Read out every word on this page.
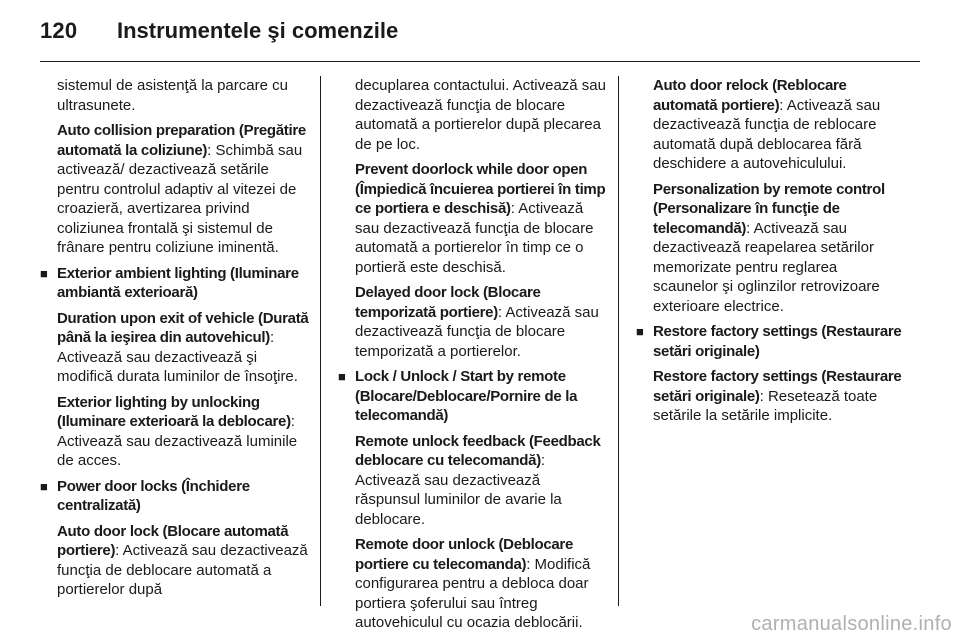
120 Instrumentele şi comenzile

sistemul de asistenţă la parcare cu ultrasunete.

Auto collision preparation (Pregătire automată la coliziune): Schimbă sau activează/ dezactivează setările pentru controlul adaptiv al vitezei de croazieră, avertizarea privind coliziunea frontală şi sistemul de frânare pentru coliziune iminentă.

■ Exterior ambient lighting (Iluminare ambiantă exterioară)

Duration upon exit of vehicle (Durată până la ieşirea din autovehicul): Activează sau dezactivează şi modifică durata luminilor de însoţire.

Exterior lighting by unlocking (Iluminare exterioară la deblocare): Activează sau dezactivează luminile de acces.

■ Power door locks (Închidere centralizată)

Auto door lock (Blocare automată portiere): Activează sau dezactivează funcţia de deblocare automată a portierelor după

decuplarea contactului. Activează sau dezactivează funcţia de blocare automată a portierelor după plecarea de pe loc.

Prevent doorlock while door open (Împiedică încuierea portierei în timp ce portiera e deschisă): Activează sau dezactivează funcţia de blocare automată a portierelor în timp ce o portieră este deschisă.

Delayed door lock (Blocare temporizată portiere): Activează sau dezactivează funcţia de blocare temporizată a portierelor.

■ Lock / Unlock / Start by remote (Blocare/Deblocare/Pornire de la telecomandă)

Remote unlock feedback (Feedback deblocare cu telecomandă): Activează sau dezactivează răspunsul luminilor de avarie la deblocare.

Remote door unlock (Deblocare portiere cu telecomanda): Modifică configurarea pentru a debloca doar portiera şoferului sau întreg autovehiculul cu ocazia deblocării.

Auto door relock (Reblocare automată portiere): Activează sau dezactivează funcţia de reblocare automată după deblocarea fără deschidere a autovehiculului.

Personalization by remote control (Personalizare în funcţie de telecomandă): Activează sau dezactivează reapelarea setărilor memorizate pentru reglarea scaunelor şi oglinzilor retrovizoare exterioare electrice.

■ Restore factory settings (Restaurare setări originale)

Restore factory settings (Restaurare setări originale): Resetează toate setările la setările implicite.

carmanualsonline.info
